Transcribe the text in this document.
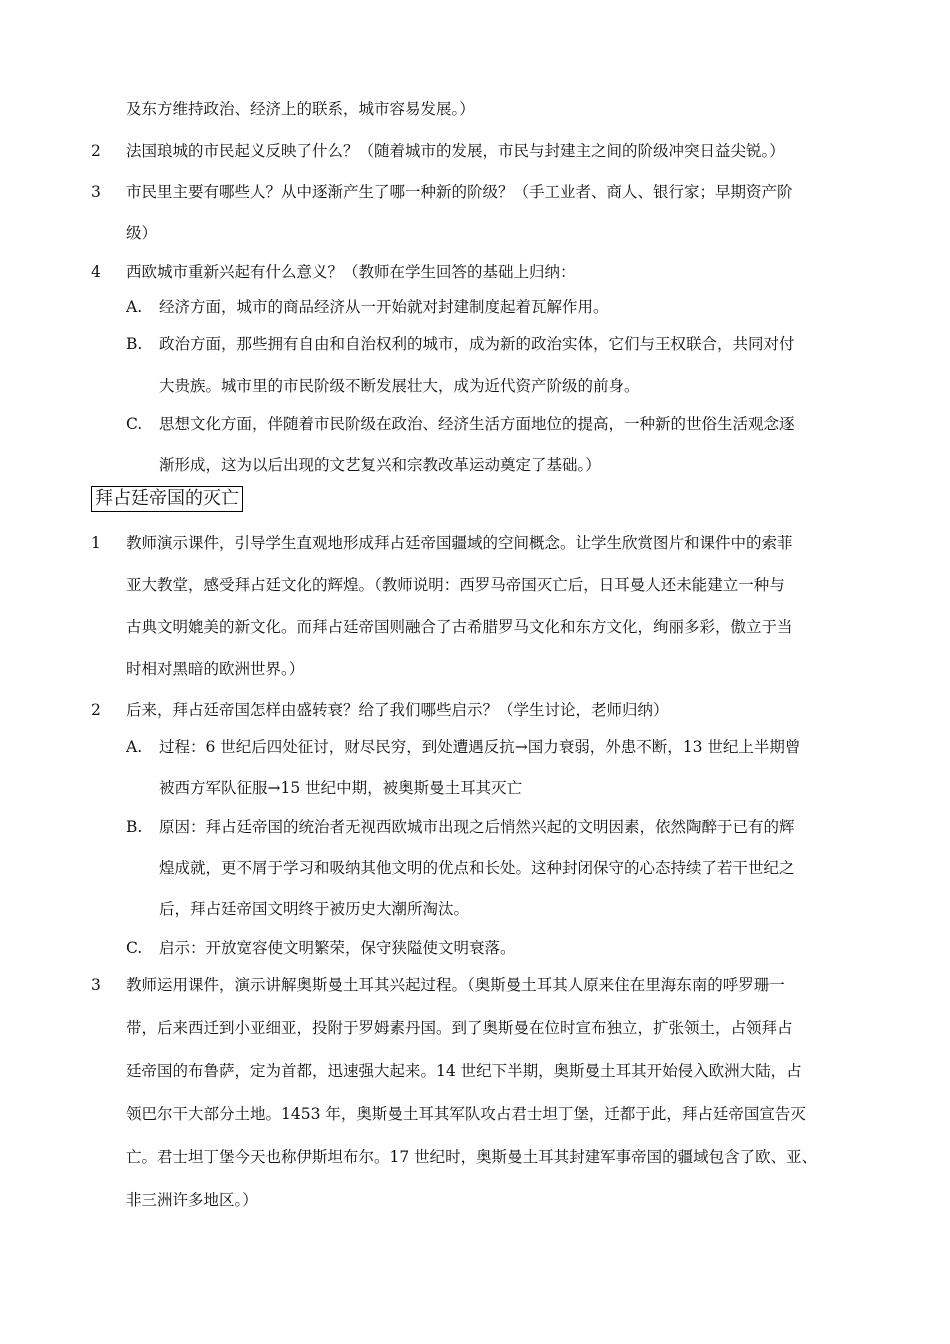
及东方维持政治、经济上的联系，城市容易发展。）
2 法国琅城的市民起义反映了什么？（随着城市的发展，市民与封建主之间的阶级冲突日益尖锐。）
3 市民里主要有哪些人？从中逐渐产生了哪一种新的阶级？（手工业者、商人、银行家；早期资产阶
级）
4 西欧城市重新兴起有什么意义？（教师在学生回答的基础上归纳：
A. 经济方面，城市的商品经济从一开始就对封建制度起着瓦解作用。
B. 政治方面，那些拥有自由和自治权利的城市，成为新的政治实体，它们与王权联合，共同对付
大贵族。城市里的市民阶级不断发展壮大，成为近代资产阶级的前身。
C. 思想文化方面，伴随着市民阶级在政治、经济生活方面地位的提高，一种新的世俗生活观念逐
渐形成，这为以后出现的文艺复兴和宗教改革运动奠定了基础。）
拜占廷帝国的灭亡
1 教师演示课件，引导学生直观地形成拜占廷帝国疆域的空间概念。让学生欣赏图片和课件中的索菲
亚大教堂，感受拜占廷文化的辉煌。（教师说明：西罗马帝国灭亡后，日耳曼人还未能建立一种与
古典文明媲美的新文化。而拜占廷帝国则融合了古希腊罗马文化和东方文化，绚丽多彩，傲立于当
时相对黑暗的欧洲世界。）
2 后来，拜占廷帝国怎样由盛转衰？给了我们哪些启示？（学生讨论，老师归纳）
A. 过程：6 世纪后四处征讨，财尽民穷，到处遭遇反抗→国力衰弱，外患不断，13 世纪上半期曾
被西方军队征服→15 世纪中期，被奥斯曼土耳其灭亡
B. 原因：拜占廷帝国的统治者无视西欧城市出现之后悄然兴起的文明因素，依然陶醉于已有的辉
煌成就，更不屑于学习和吸纳其他文明的优点和长处。这种封闭保守的心态持续了若干世纪之
后，拜占廷帝国文明终于被历史大潮所淘汰。
C. 启示：开放宽容使文明繁荣，保守狭隘使文明衰落。
3 教师运用课件，演示讲解奥斯曼土耳其兴起过程。（奥斯曼土耳其人原来住在里海东南的呼罗珊一
带，后来西迁到小亚细亚，投附于罗姆素丹国。到了奥斯曼在位时宣布独立，扩张领土，占领拜占
廷帝国的布鲁萨，定为首都，迅速强大起来。14 世纪下半期，奥斯曼土耳其开始侵入欧洲大陆，占
领巴尔干大部分土地。1453 年，奥斯曼土耳其军队攻占君士坦丁堡，迁都于此，拜占廷帝国宣告灭
亡。君士坦丁堡今天也称伊斯坦布尔。17 世纪时，奥斯曼土耳其封建军事帝国的疆域包含了欧、亚、
非三洲许多地区。）
